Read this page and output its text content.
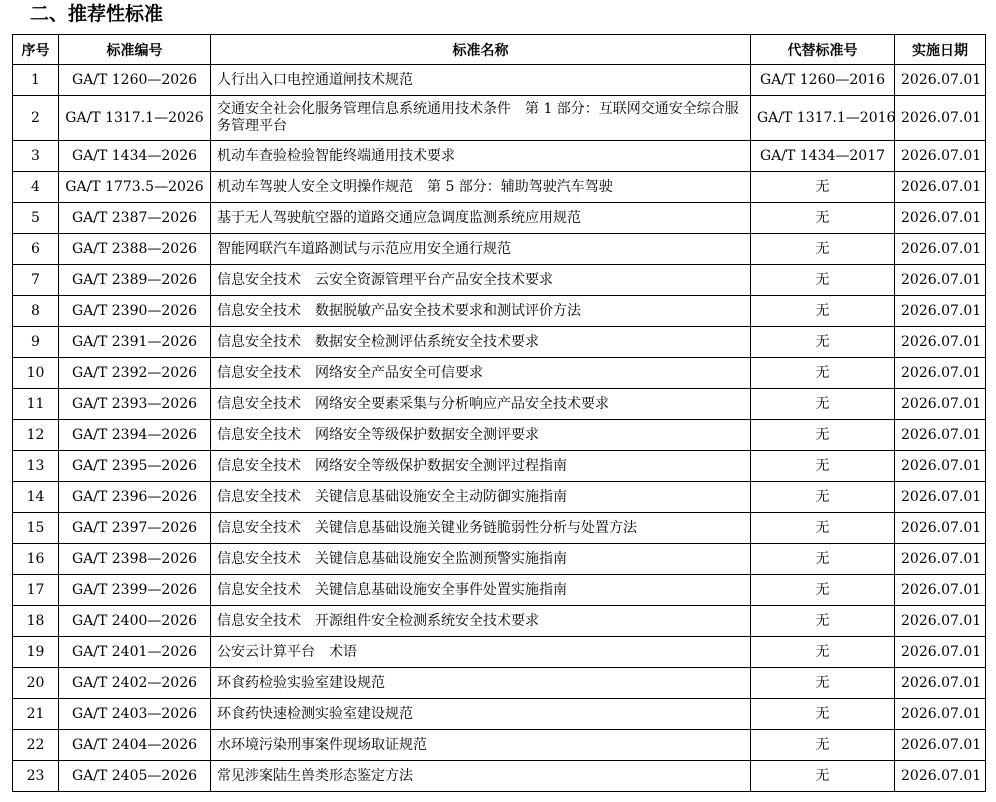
二、推荐性标准
序号	标准编号	标准名称	代替标准号	实施日期
1	GA/T 1260—2026	人行出入口电控通道闸技术规范	GA/T 1260—2016	2026.07.01
2	GA/T 1317.1—2026	交通安全社会化服务管理信息系统通用技术条件　第 1 部分：互联网交通安全综合服务管理平台	GA/T 1317.1—2016	2026.07.01
3	GA/T 1434—2026	机动车查验检验智能终端通用技术要求	GA/T 1434—2017	2026.07.01
4	GA/T 1773.5—2026	机动车驾驶人安全文明操作规范　第 5 部分：辅助驾驶汽车驾驶	无	2026.07.01
5	GA/T 2387—2026	基于无人驾驶航空器的道路交通应急调度监测系统应用规范	无	2026.07.01
6	GA/T 2388—2026	智能网联汽车道路测试与示范应用安全通行规范	无	2026.07.01
7	GA/T 2389—2026	信息安全技术　云安全资源管理平台产品安全技术要求	无	2026.07.01
8	GA/T 2390—2026	信息安全技术　数据脱敏产品安全技术要求和测试评价方法	无	2026.07.01
9	GA/T 2391—2026	信息安全技术　数据安全检测评估系统安全技术要求	无	2026.07.01
10	GA/T 2392—2026	信息安全技术　网络安全产品安全可信要求	无	2026.07.01
11	GA/T 2393—2026	信息安全技术　网络安全要素采集与分析响应产品安全技术要求	无	2026.07.01
12	GA/T 2394—2026	信息安全技术　网络安全等级保护数据安全测评要求	无	2026.07.01
13	GA/T 2395—2026	信息安全技术　网络安全等级保护数据安全测评过程指南	无	2026.07.01
14	GA/T 2396—2026	信息安全技术　关键信息基础设施安全主动防御实施指南	无	2026.07.01
15	GA/T 2397—2026	信息安全技术　关键信息基础设施关键业务链脆弱性分析与处置方法	无	2026.07.01
16	GA/T 2398—2026	信息安全技术　关键信息基础设施安全监测预警实施指南	无	2026.07.01
17	GA/T 2399—2026	信息安全技术　关键信息基础设施安全事件处置实施指南	无	2026.07.01
18	GA/T 2400—2026	信息安全技术　开源组件安全检测系统安全技术要求	无	2026.07.01
19	GA/T 2401—2026	公安云计算平台　术语	无	2026.07.01
20	GA/T 2402—2026	环食药检验实验室建设规范	无	2026.07.01
21	GA/T 2403—2026	环食药快速检测实验室建设规范	无	2026.07.01
22	GA/T 2404—2026	水环境污染刑事案件现场取证规范	无	2026.07.01
23	GA/T 2405—2026	常见涉案陆生兽类形态鉴定方法	无	2026.07.01
